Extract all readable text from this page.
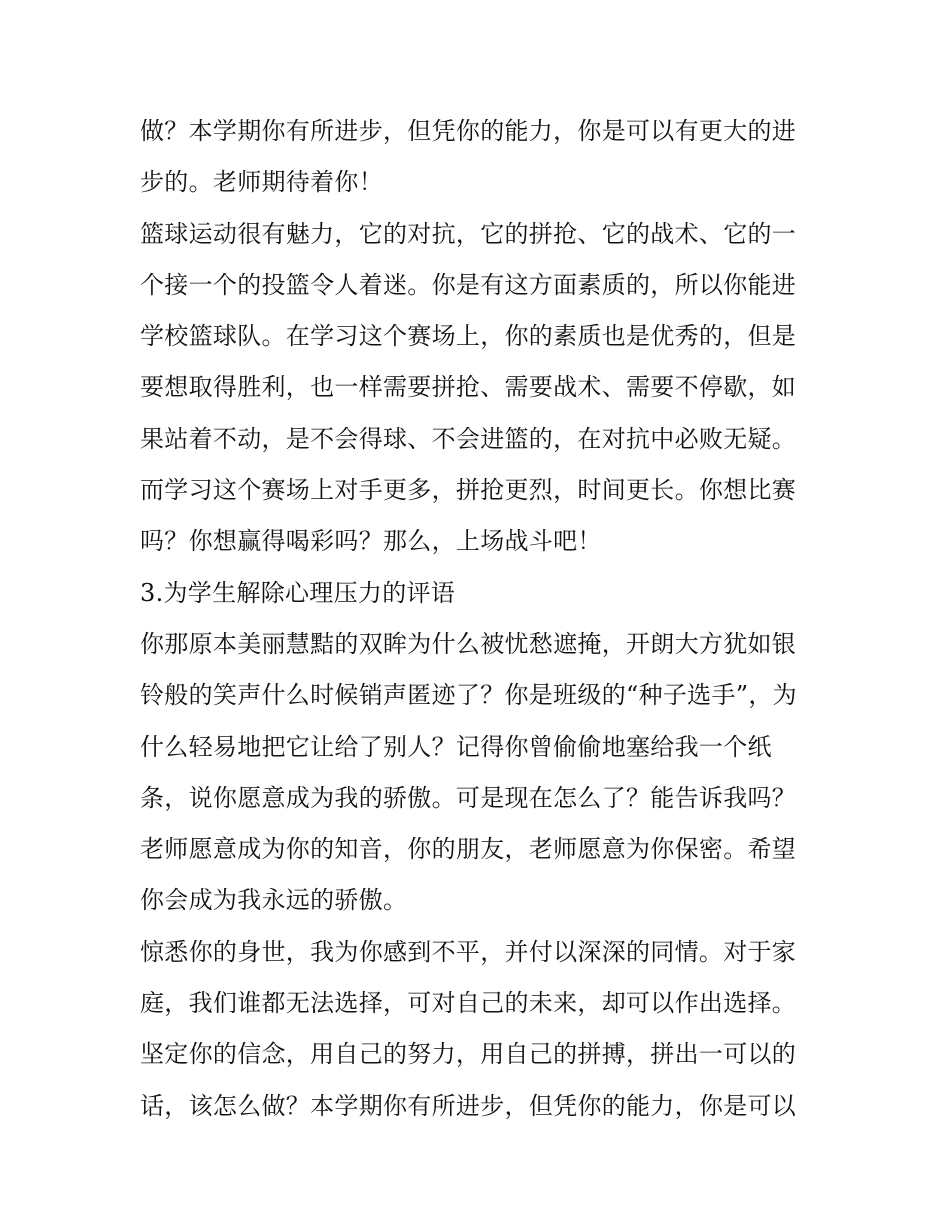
做？本学期你有所进步，但凭你的能力，你是可以有更大的进
步的。老师期待着你！
篮球运动很有魅力，它的对抗，它的拼抢、它的战术、它的一
个接一个的投篮令人着迷。你是有这方面素质的，所以你能进
学校篮球队。在学习这个赛场上，你的素质也是优秀的，但是
要想取得胜利，也一样需要拼抢、需要战术、需要不停歇，如
果站着不动，是不会得球、不会进篮的，在对抗中必败无疑。
而学习这个赛场上对手更多，拼抢更烈，时间更长。你想比赛
吗？你想赢得喝彩吗？那么，上场战斗吧！
3.为学生解除心理压力的评语
你那原本美丽慧黠的双眸为什么被忧愁遮掩，开朗大方犹如银
铃般的笑声什么时候销声匿迹了？你是班级的“种子选手”，为
什么轻易地把它让给了别人？记得你曾偷偷地塞给我一个纸
条，说你愿意成为我的骄傲。可是现在怎么了？能告诉我吗？
老师愿意成为你的知音，你的朋友，老师愿意为你保密。希望
你会成为我永远的骄傲。
惊悉你的身世，我为你感到不平，并付以深深的同情。对于家
庭，我们谁都无法选择，可对自己的未来，却可以作出选择。
坚定你的信念，用自己的努力，用自己的拼搏，拼出一可以的
话，该怎么做？本学期你有所进步，但凭你的能力，你是可以
